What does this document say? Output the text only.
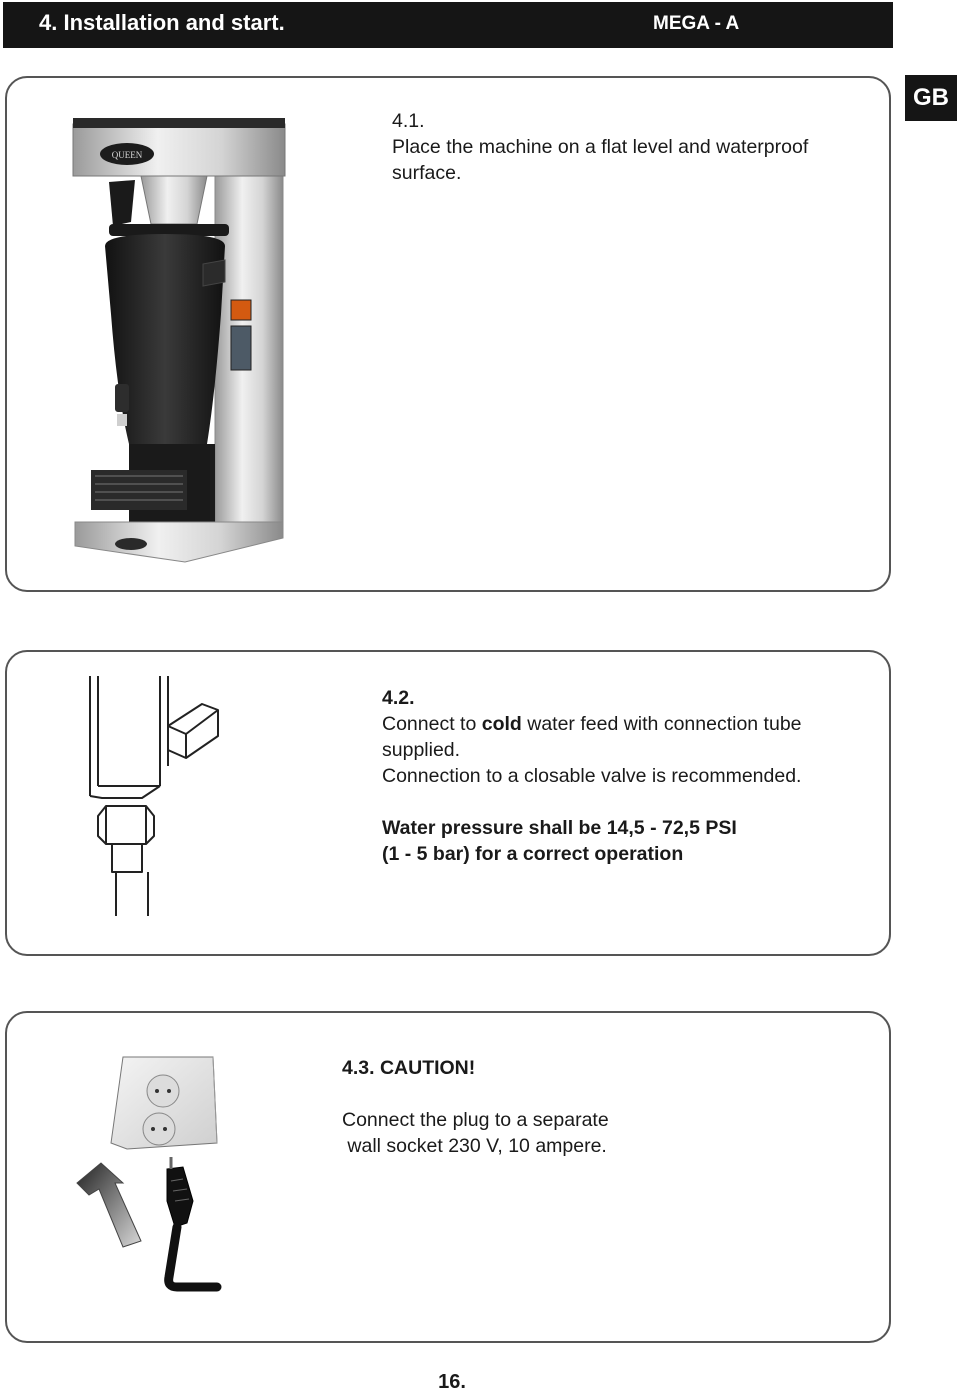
4. Installation and start.	MEGA - A
GB
QUEEN
4.1.
Place the machine on a flat level and waterproof surface.
4.2.
Connect to cold water feed with connection tube supplied.
Connection to a closable valve is recommended.
Water pressure shall be 14,5 - 72,5 PSI
(1 - 5 bar) for a correct operation
4.3. CAUTION!
Connect the plug to a separate
wall socket 230 V, 10 ampere.
16.
